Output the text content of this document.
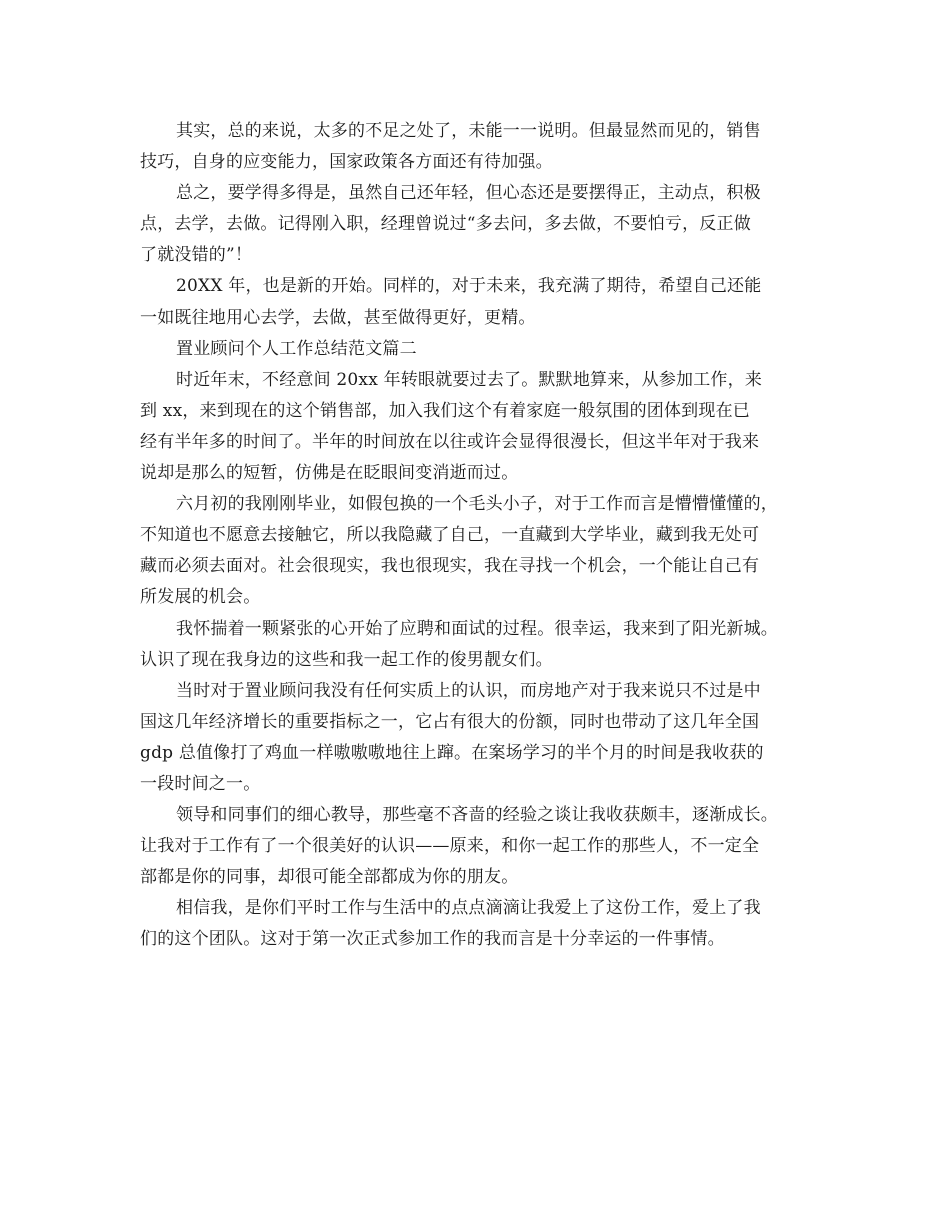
其实，总的来说，太多的不足之处了，未能一一说明。但最显然而见的，销售
技巧，自身的应变能力，国家政策各方面还有待加强。
总之，要学得多得是，虽然自己还年轻，但心态还是要摆得正，主动点，积极
点，去学，去做。记得刚入职，经理曾说过“多去问，多去做，不要怕亏，反正做
了就没错的”！
20XX 年，也是新的开始。同样的，对于未来，我充满了期待，希望自己还能
一如既往地用心去学，去做，甚至做得更好，更精。
置业顾问个人工作总结范文篇二
时近年末，不经意间 20xx 年转眼就要过去了。默默地算来，从参加工作，来
到 xx，来到现在的这个销售部，加入我们这个有着家庭一般氛围的团体到现在已
经有半年多的时间了。半年的时间放在以往或许会显得很漫长，但这半年对于我来
说却是那么的短暂，仿佛是在眨眼间变消逝而过。
六月初的我刚刚毕业，如假包换的一个毛头小子，对于工作而言是懵懵懂懂的，
不知道也不愿意去接触它，所以我隐藏了自己，一直藏到大学毕业，藏到我无处可
藏而必须去面对。社会很现实，我也很现实，我在寻找一个机会，一个能让自己有
所发展的机会。
我怀揣着一颗紧张的心开始了应聘和面试的过程。很幸运，我来到了阳光新城。
认识了现在我身边的这些和我一起工作的俊男靓女们。
当时对于置业顾问我没有任何实质上的认识，而房地产对于我来说只不过是中
国这几年经济增长的重要指标之一，它占有很大的份额，同时也带动了这几年全国
gdp 总值像打了鸡血一样嗷嗷嗷地往上蹿。在案场学习的半个月的时间是我收获的
一段时间之一。
领导和同事们的细心教导，那些毫不吝啬的经验之谈让我收获颇丰，逐渐成长。
让我对于工作有了一个很美好的认识——原来，和你一起工作的那些人，不一定全
部都是你的同事，却很可能全部都成为你的朋友。
相信我，是你们平时工作与生活中的点点滴滴让我爱上了这份工作，爱上了我
们的这个团队。这对于第一次正式参加工作的我而言是十分幸运的一件事情。
